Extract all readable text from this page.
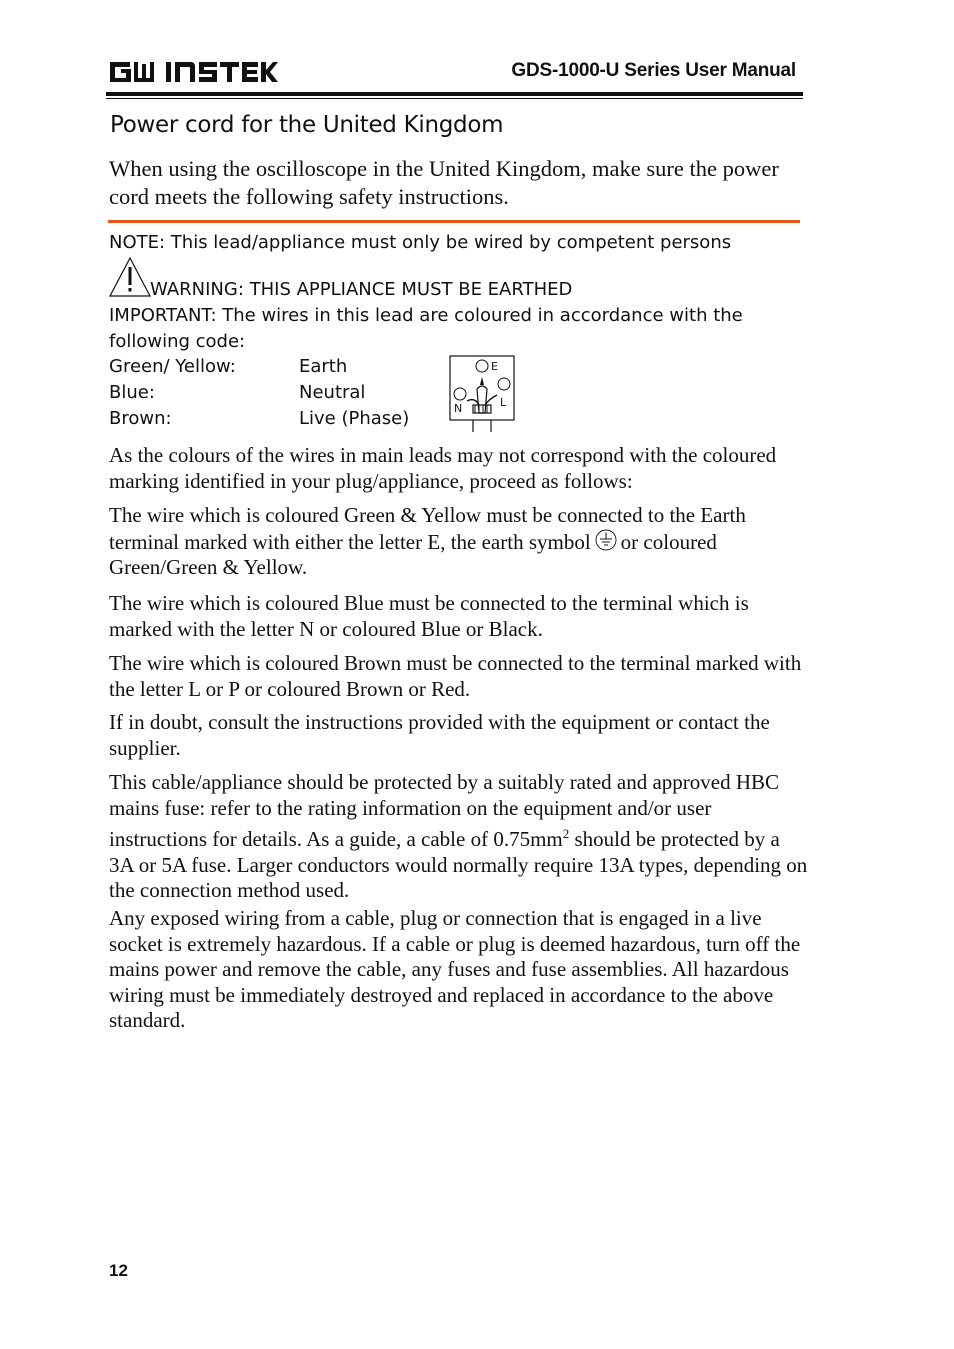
GDS-1000-U Series User Manual
Power cord for the United Kingdom
When using the oscilloscope in the United Kingdom, make sure the power cord meets the following safety instructions.
NOTE: This lead/appliance must only be wired by competent persons
WARNING: THIS APPLIANCE MUST BE EARTHED
IMPORTANT: The wires in this lead are coloured in accordance with the following code:
Green/ Yellow:	Earth
Blue:	Neutral
Brown:	Live (Phase)
E
N	L
As the colours of the wires in main leads may not correspond with the coloured marking identified in your plug/appliance, proceed as follows:
The wire which is coloured Green & Yellow must be connected to the Earth terminal marked with either the letter E, the earth symbol or coloured Green/Green & Yellow.
The wire which is coloured Blue must be connected to the terminal which is marked with the letter N or coloured Blue or Black.
The wire which is coloured Brown must be connected to the terminal marked with the letter L or P or coloured Brown or Red.
If in doubt, consult the instructions provided with the equipment or contact the supplier.
This cable/appliance should be protected by a suitably rated and approved HBC mains fuse: refer to the rating information on the equipment and/or user instructions for details. As a guide, a cable of $0.75mm^2$ should be protected by a 3A or 5A fuse. Larger conductors would normally require 13A types, depending on the connection method used.
Any exposed wiring from a cable, plug or connection that is engaged in a live socket is extremely hazardous. If a cable or plug is deemed hazardous, turn off the mains power and remove the cable, any fuses and fuse assemblies. All hazardous wiring must be immediately destroyed and replaced in accordance to the above standard.
12
